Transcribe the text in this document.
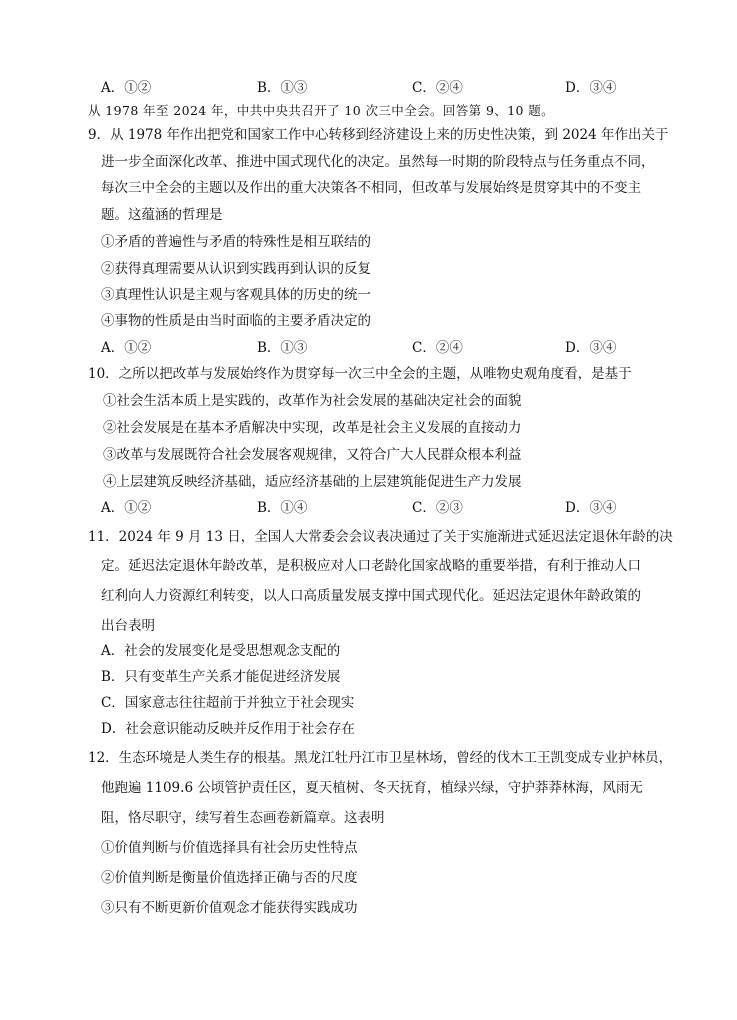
A．①②	B．①③	C．②④	D．③④
从 1978 年至 2024 年，中共中央共召开了 10 次三中全会。回答第 9、10 题。
9．从 1978 年作出把党和国家工作中心转移到经济建设上来的历史性决策，到 2024 年作出关于
进一步全面深化改革、推进中国式现代化的决定。虽然每一时期的阶段特点与任务重点不同，
每次三中全会的主题以及作出的重大决策各不相同，但改革与发展始终是贯穿其中的不变主
题。这蕴涵的哲理是
①矛盾的普遍性与矛盾的特殊性是相互联结的
②获得真理需要从认识到实践再到认识的反复
③真理性认识是主观与客观具体的历史的统一
④事物的性质是由当时面临的主要矛盾决定的
A．①②	B．①③	C．②④	D．③④
10．之所以把改革与发展始终作为贯穿每一次三中全会的主题，从唯物史观角度看，是基于
①社会生活本质上是实践的，改革作为社会发展的基础决定社会的面貌
②社会发展是在基本矛盾解决中实现，改革是社会主义发展的直接动力
③改革与发展既符合社会发展客观规律，又符合广大人民群众根本利益
④上层建筑反映经济基础，适应经济基础的上层建筑能促进生产力发展
A．①②	B．①④	C．②③	D．③④
11．2024 年 9 月 13 日，全国人大常委会会议表决通过了关于实施渐进式延迟法定退休年龄的决
定。延迟法定退休年龄改革，是积极应对人口老龄化国家战略的重要举措，有利于推动人口
红利向人力资源红利转变，以人口高质量发展支撑中国式现代化。延迟法定退休年龄政策的
出台表明
A．社会的发展变化是受思想观念支配的
B．只有变革生产关系才能促进经济发展
C．国家意志往往超前于并独立于社会现实
D．社会意识能动反映并反作用于社会存在
12．生态环境是人类生存的根基。黑龙江牡丹江市卫星林场，曾经的伐木工王凯变成专业护林员，
他跑遍 1109.6 公顷管护责任区，夏天植树、冬天抚育，植绿兴绿，守护莽莽林海，风雨无
阻，恪尽职守，续写着生态画卷新篇章。这表明
①价值判断与价值选择具有社会历史性特点
②价值判断是衡量价值选择正确与否的尺度
③只有不断更新价值观念才能获得实践成功
